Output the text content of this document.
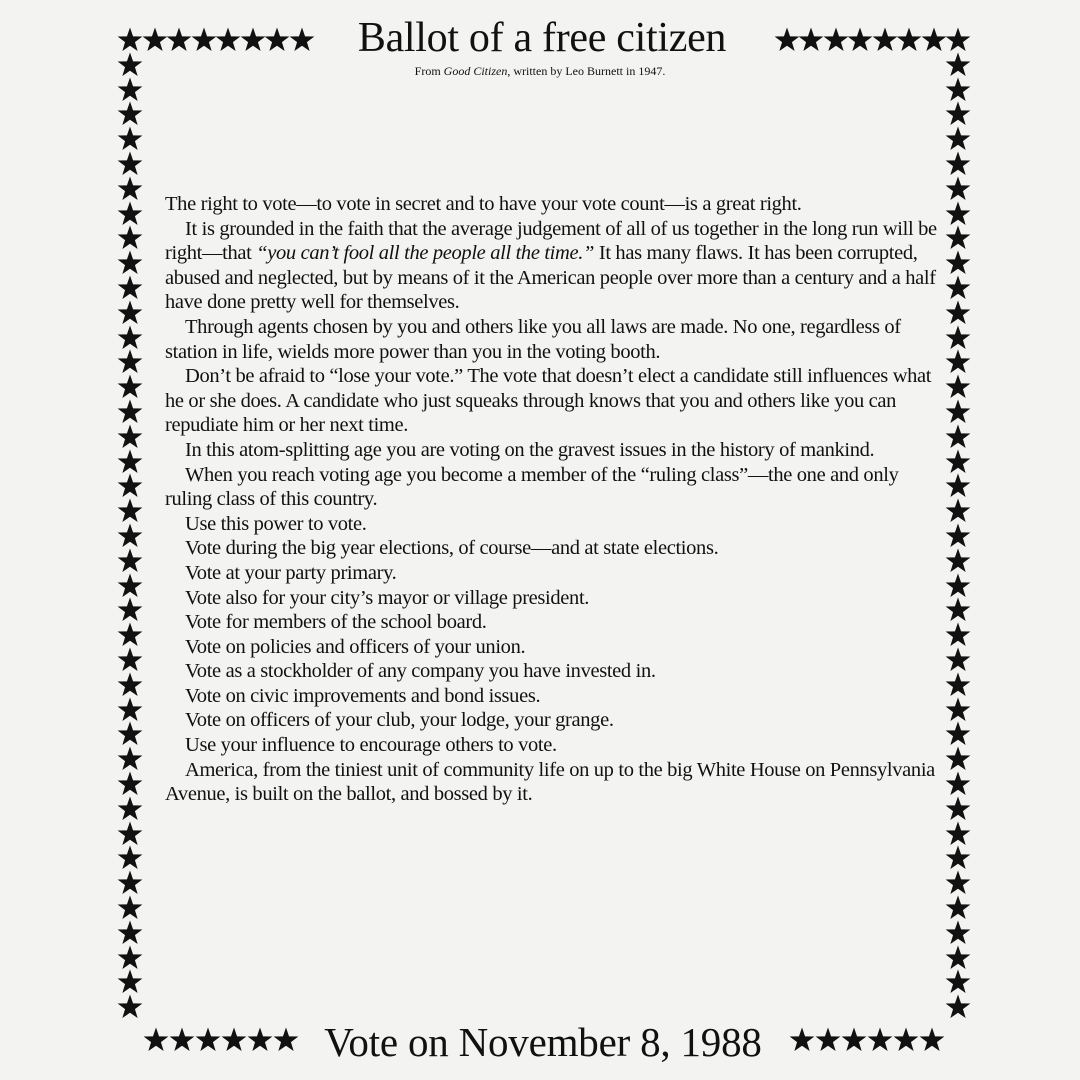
Ballot of a free citizen
From Good Citizen, written by Leo Burnett in 1947.

The right to vote—to vote in secret and to have your vote count—is a great right.

It is grounded in the faith that the average judgement of all of us together in the long run will be right—that “you can’t fool all the people all the time.” It has many flaws. It has been corrupted, abused and neglected, but by means of it the American people over more than a century and a half have done pretty well for themselves.

Through agents chosen by you and others like you all laws are made. No one, regardless of station in life, wields more power than you in the voting booth.

Don’t be afraid to “lose your vote.” The vote that doesn’t elect a candidate still influences what he or she does. A candidate who just squeaks through knows that you and others like you can repudiate him or her next time.

In this atom-splitting age you are voting on the gravest issues in the history of mankind.

When you reach voting age you become a member of the “ruling class”—the one and only ruling class of this country.

Use this power to vote.

Vote during the big year elections, of course—and at state elections.

Vote at your party primary.

Vote also for your city’s mayor or village president.

Vote for members of the school board.

Vote on policies and officers of your union.

Vote as a stockholder of any company you have invested in.

Vote on civic improvements and bond issues.

Vote on officers of your club, your lodge, your grange.

Use your influence to encourage others to vote.

America, from the tiniest unit of community life on up to the big White House on Pennsylvania Avenue, is built on the ballot, and bossed by it.

Vote on November 8, 1988
